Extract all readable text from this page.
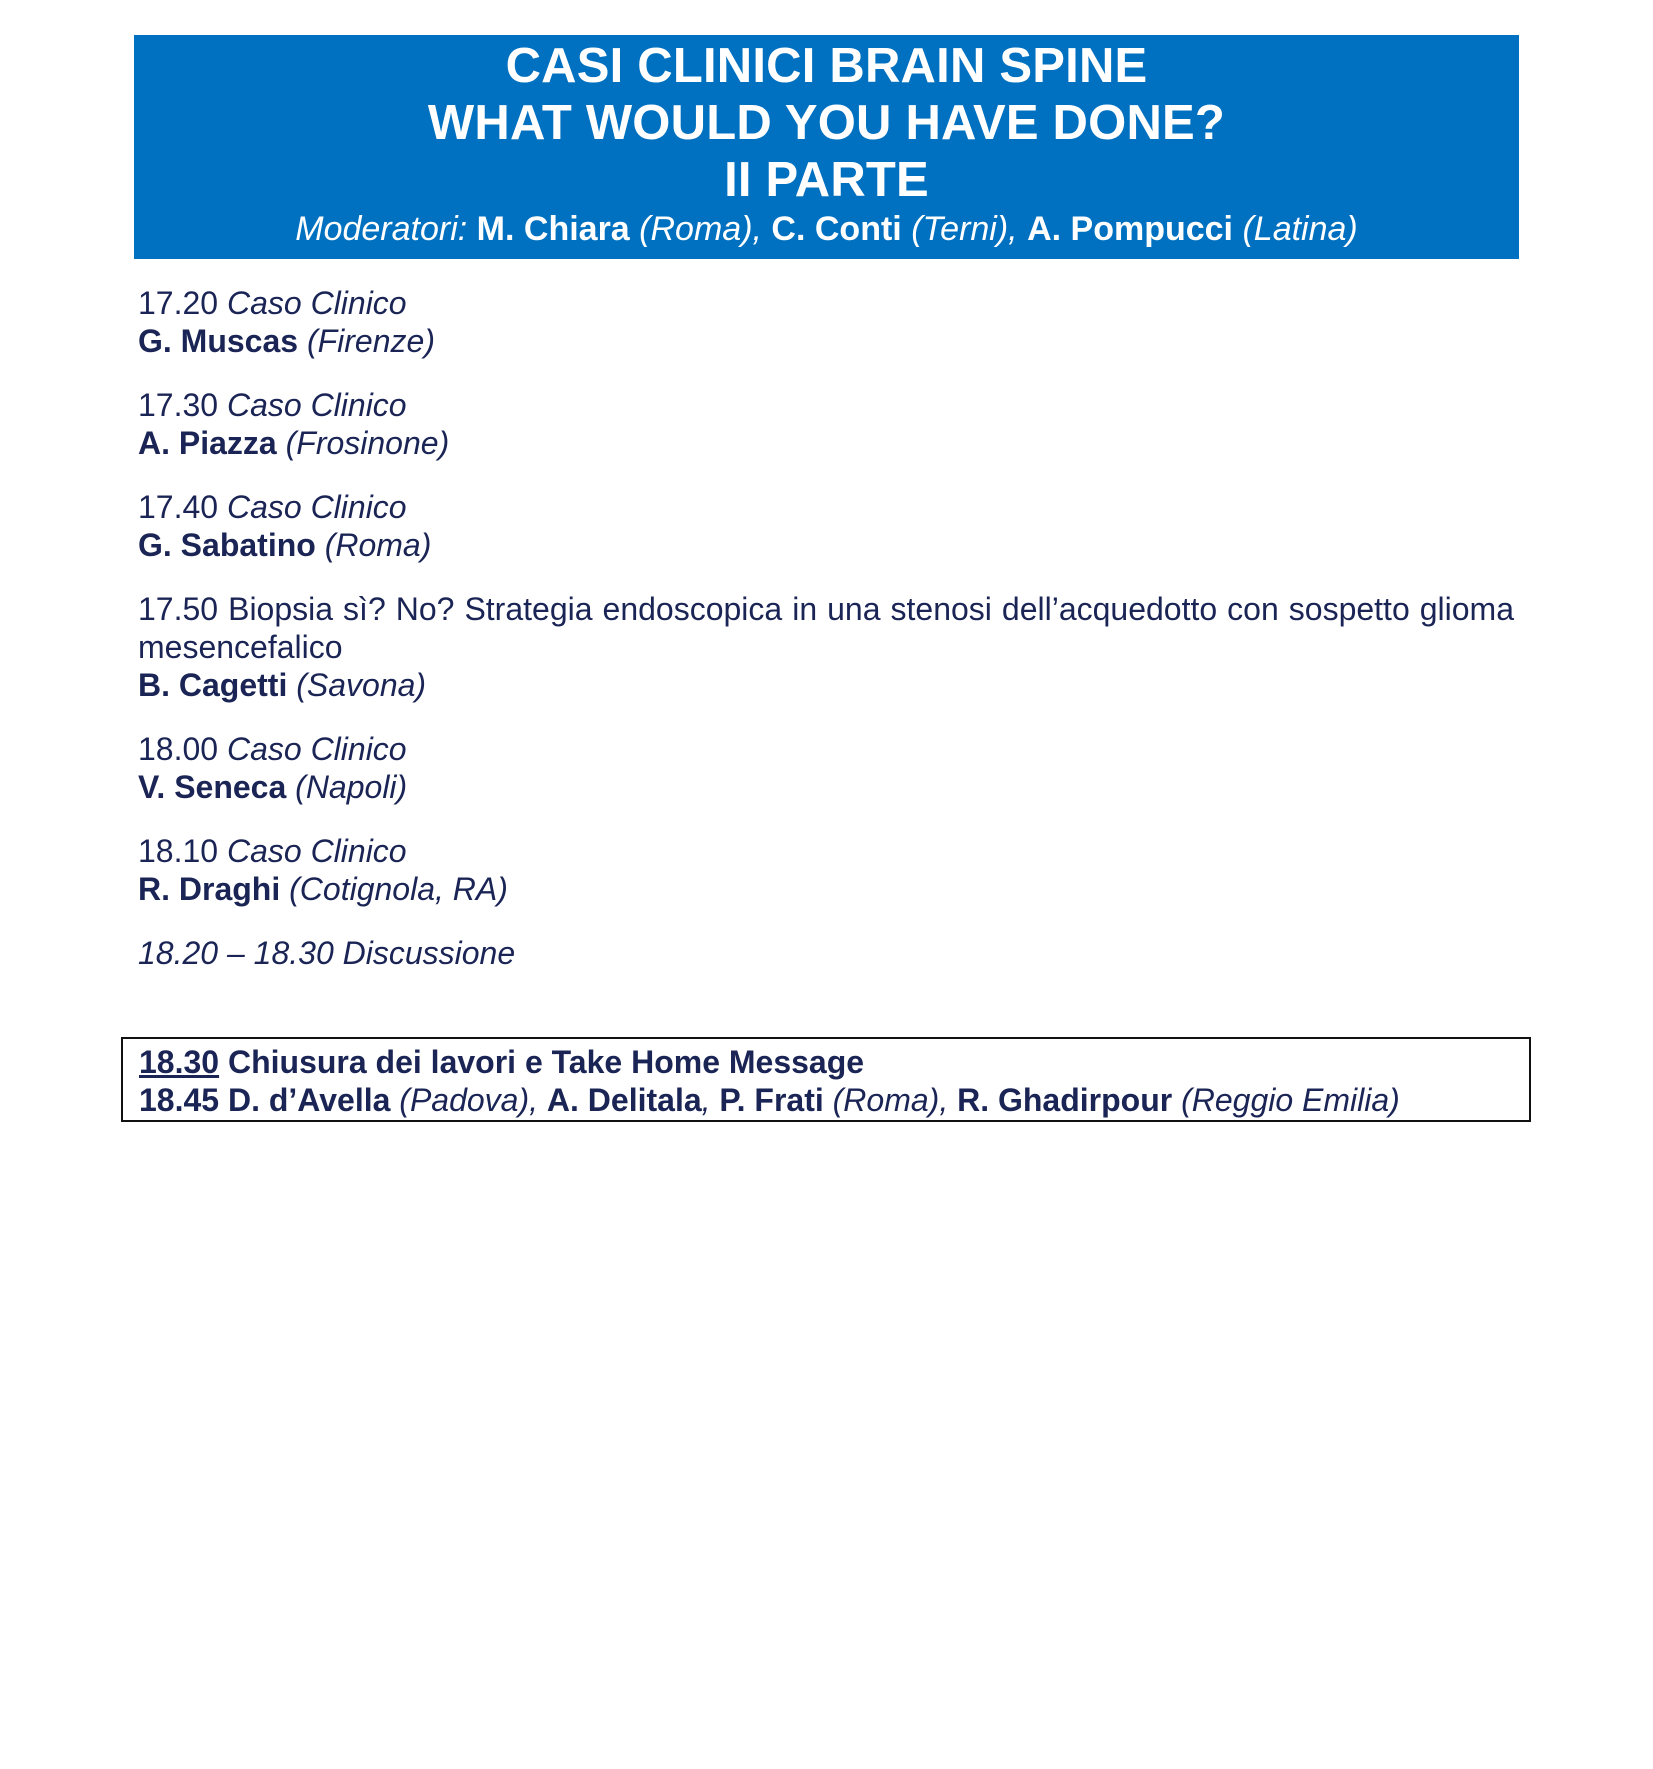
CASI CLINICI BRAIN SPINE
WHAT WOULD YOU HAVE DONE?
II PARTE
Moderatori: M. Chiara (Roma), C. Conti (Terni), A. Pompucci (Latina)
17.20 Caso Clinico
G. Muscas (Firenze)
17.30 Caso Clinico
A. Piazza (Frosinone)
17.40 Caso Clinico
G. Sabatino (Roma)
17.50 Biopsia sì? No? Strategia endoscopica in una stenosi dell’acquedotto con sospetto glioma mesencefalico
B. Cagetti (Savona)
18.00 Caso Clinico
V. Seneca (Napoli)
18.10 Caso Clinico
R. Draghi (Cotignola, RA)
18.20 – 18.30 Discussione
18.30 Chiusura dei lavori e Take Home Message
18.45 D. d’Avella (Padova), A. Delitala, P. Frati (Roma), R. Ghadirpour (Reggio Emilia)
